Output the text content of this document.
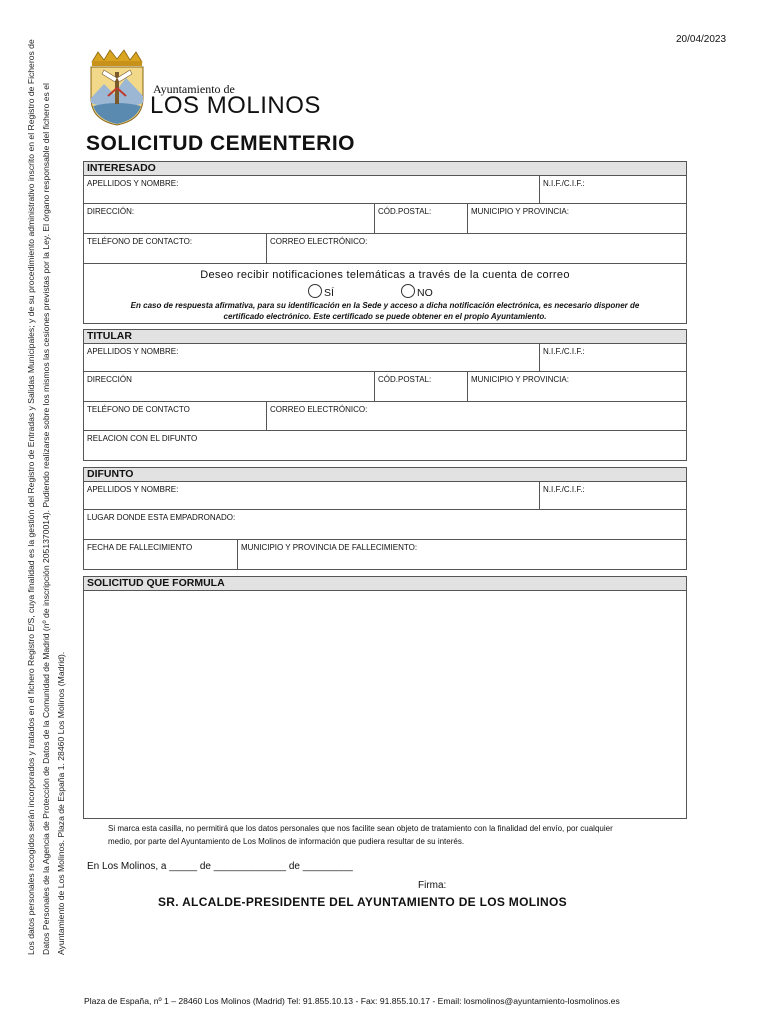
20/04/2023
Los datos personales recogidos serán incorporados y tratados en el fichero Registro E/S, cuya finalidad es la gestión del Registro de Entradas y Salidas Municipales; y de su procedimiento administrativo inscrito en el Registro de Ficheros de Datos Personales de la Agencia de Protección de Datos de la Comunidad de Madrid (nº de inscripción 2051370014). Pudiendo realizarse sobre los mismos las cesiones previstas por la Ley. El órgano responsable del fichero es el Ayuntamiento de Los Molinos. Plaza de España 1. 28460 Los Molinos (Madrid).
Ayuntamiento de
LOS MOLINOS
SOLICITUD CEMENTERIO
INTERESADO
APELLIDOS Y NOMBRE:	N.I.F./C.I.F.:
DIRECCIÓN:	CÓD.POSTAL:	MUNICIPIO Y PROVINCIA:
TELÉFONO DE CONTACTO:	CORREO ELECTRÓNICO:
Deseo recibir notificaciones telemáticas a través de la cuenta de correo
SÍ	NO
En caso de respuesta afirmativa, para su identificación en la Sede y acceso a dicha notificación electrónica, es necesario disponer de
certificado electrónico. Este certificado se puede obtener en el propio Ayuntamiento.
TITULAR
APELLIDOS Y NOMBRE:	N.I.F./C.I.F.:
DIRECCIÓN	CÓD.POSTAL:	MUNICIPIO Y PROVINCIA:
TELÉFONO DE CONTACTO	CORREO ELECTRÓNICO:
RELACION CON EL DIFUNTO
DIFUNTO
APELLIDOS Y NOMBRE:	N.I.F./C.I.F.:
LUGAR DONDE ESTA EMPADRONADO:
FECHA DE FALLECIMIENTO	MUNICIPIO Y PROVINCIA DE FALLECIMIENTO:
SOLICITUD QUE FORMULA
Si marca esta casilla, no permitirá que los datos personales que nos facilite sean objeto de tratamiento con la finalidad del envío, por cualquier
medio, por parte del Ayuntamiento de Los Molinos de información que pudiera resultar de su interés.
En Los Molinos, a _____ de _____________ de _________
Firma:
SR. ALCALDE-PRESIDENTE DEL AYUNTAMIENTO DE LOS MOLINOS
Plaza de España, nº 1 – 28460 Los Molinos (Madrid) Tel: 91.855.10.13 - Fax: 91.855.10.17 - Email: losmolinos@ayuntamiento-losmolinos.es
